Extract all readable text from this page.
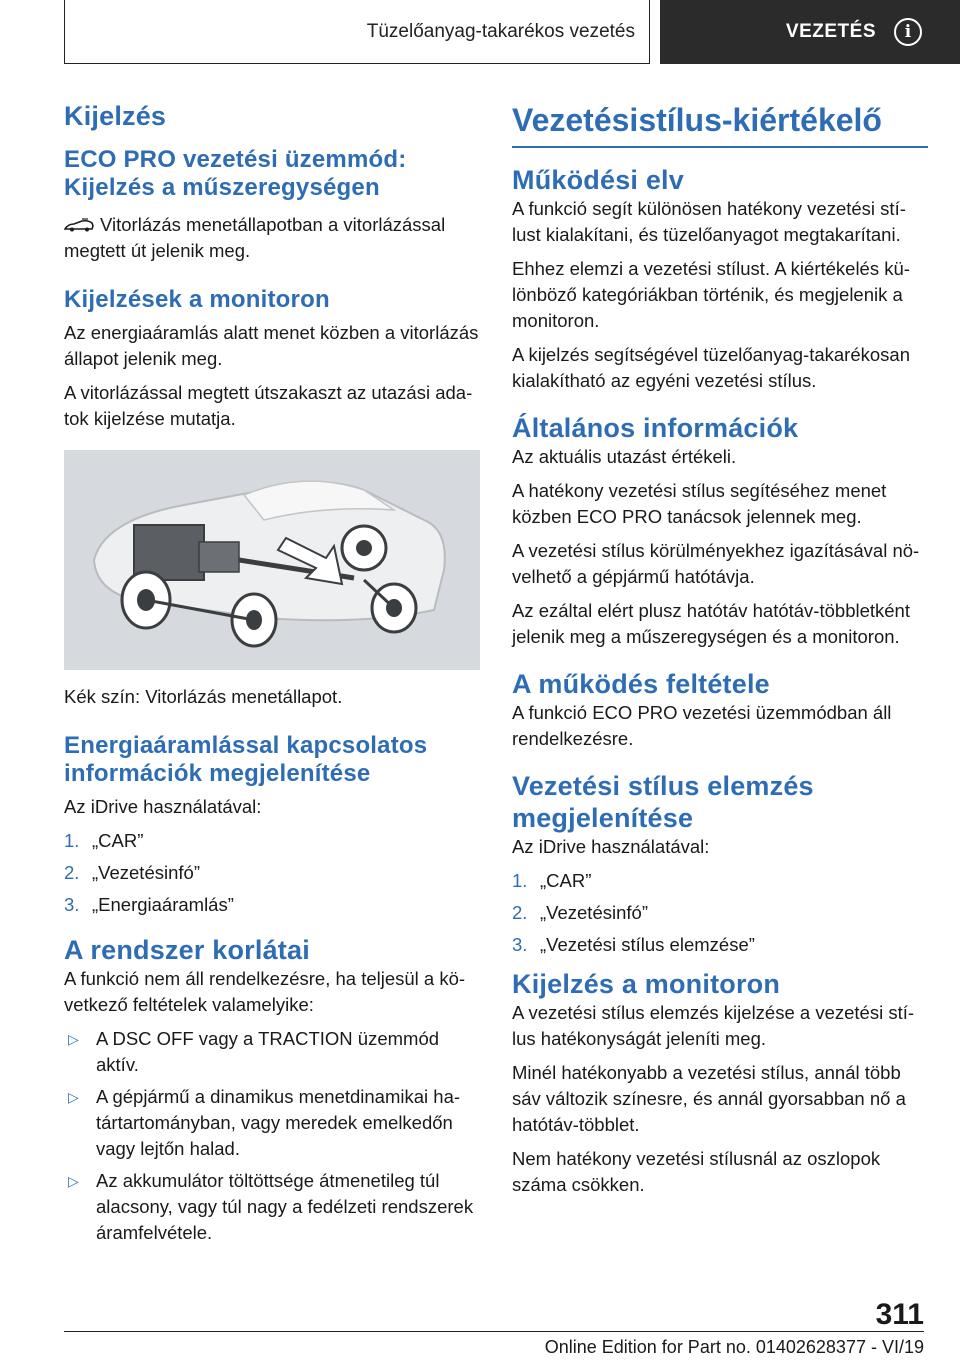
Tüzelőanyag-takarékos vezetés	VEZETÉS i
Kijelzés
ECO PRO vezetési üzemmód: Kijelzés a műszeregységen

Vitorlázás menetállapotban a vitorlázással megtett út jelenik meg.

Kijelzések a monitoron

Az energiaáramlás alatt menet közben a vitorlázás állapot jelenik meg.

A vitorlázással megtett útszakaszt az utazási adatok kijelzése mutatja.

Kék szín: Vitorlázás menetállapot.

Energiaáramlással kapcsolatos információk megjelenítése

Az iDrive használatával:

1. „CAR”
2. „Vezetésinfó”
3. „Energiaáramlás”
A rendszer korlátai

A funkció nem áll rendelkezésre, ha teljesül a következő feltételek valamelyike:

▷ A DSC OFF vagy a TRACTION üzemmód aktív.
▷ A gépjármű a dinamikus menetdinamikai határtartományban, vagy meredek emelkedőn vagy lejtőn halad.
▷ Az akkumulátor töltöttsége átmenetileg túl alacsony, vagy túl nagy a fedélzeti rendszerek áramfelvétele.
Vezetésistílus-kiértékelő
Működési elv

A funkció segít különösen hatékony vezetési stílust kialakítani, és tüzelőanyagot megtakarítani.

Ehhez elemzi a vezetési stílust. A kiértékelés különböző kategóriákban történik, és megjelenik a monitoron.

A kijelzés segítségével tüzelőanyag-takarékosan kialakítható az egyéni vezetési stílus.

Általános információk

Az aktuális utazást értékeli.

A hatékony vezetési stílus segítéséhez menet közben ECO PRO tanácsok jelennek meg.

A vezetési stílus körülményekhez igazításával növelhető a gépjármű hatótávja.

Az ezáltal elért plusz hatótáv hatótáv-többletként jelenik meg a műszeregységen és a monitoron.

A működés feltétele

A funkció ECO PRO vezetési üzemmódban áll rendelkezésre.

Vezetési stílus elemzés megjelenítése

Az iDrive használatával:

1. „CAR”
2. „Vezetésinfó”
3. „Vezetési stílus elemzése”
Kijelzés a monitoron

A vezetési stílus elemzés kijelzése a vezetési stílus hatékonyságát jeleníti meg.

Minél hatékonyabb a vezetési stílus, annál több sáv változik színesre, és annál gyorsabban nő a hatótáv-többlet.

Nem hatékony vezetési stílusnál az oszlopok száma csökken.

311
Online Edition for Part no. 01402628377 - VI/19
